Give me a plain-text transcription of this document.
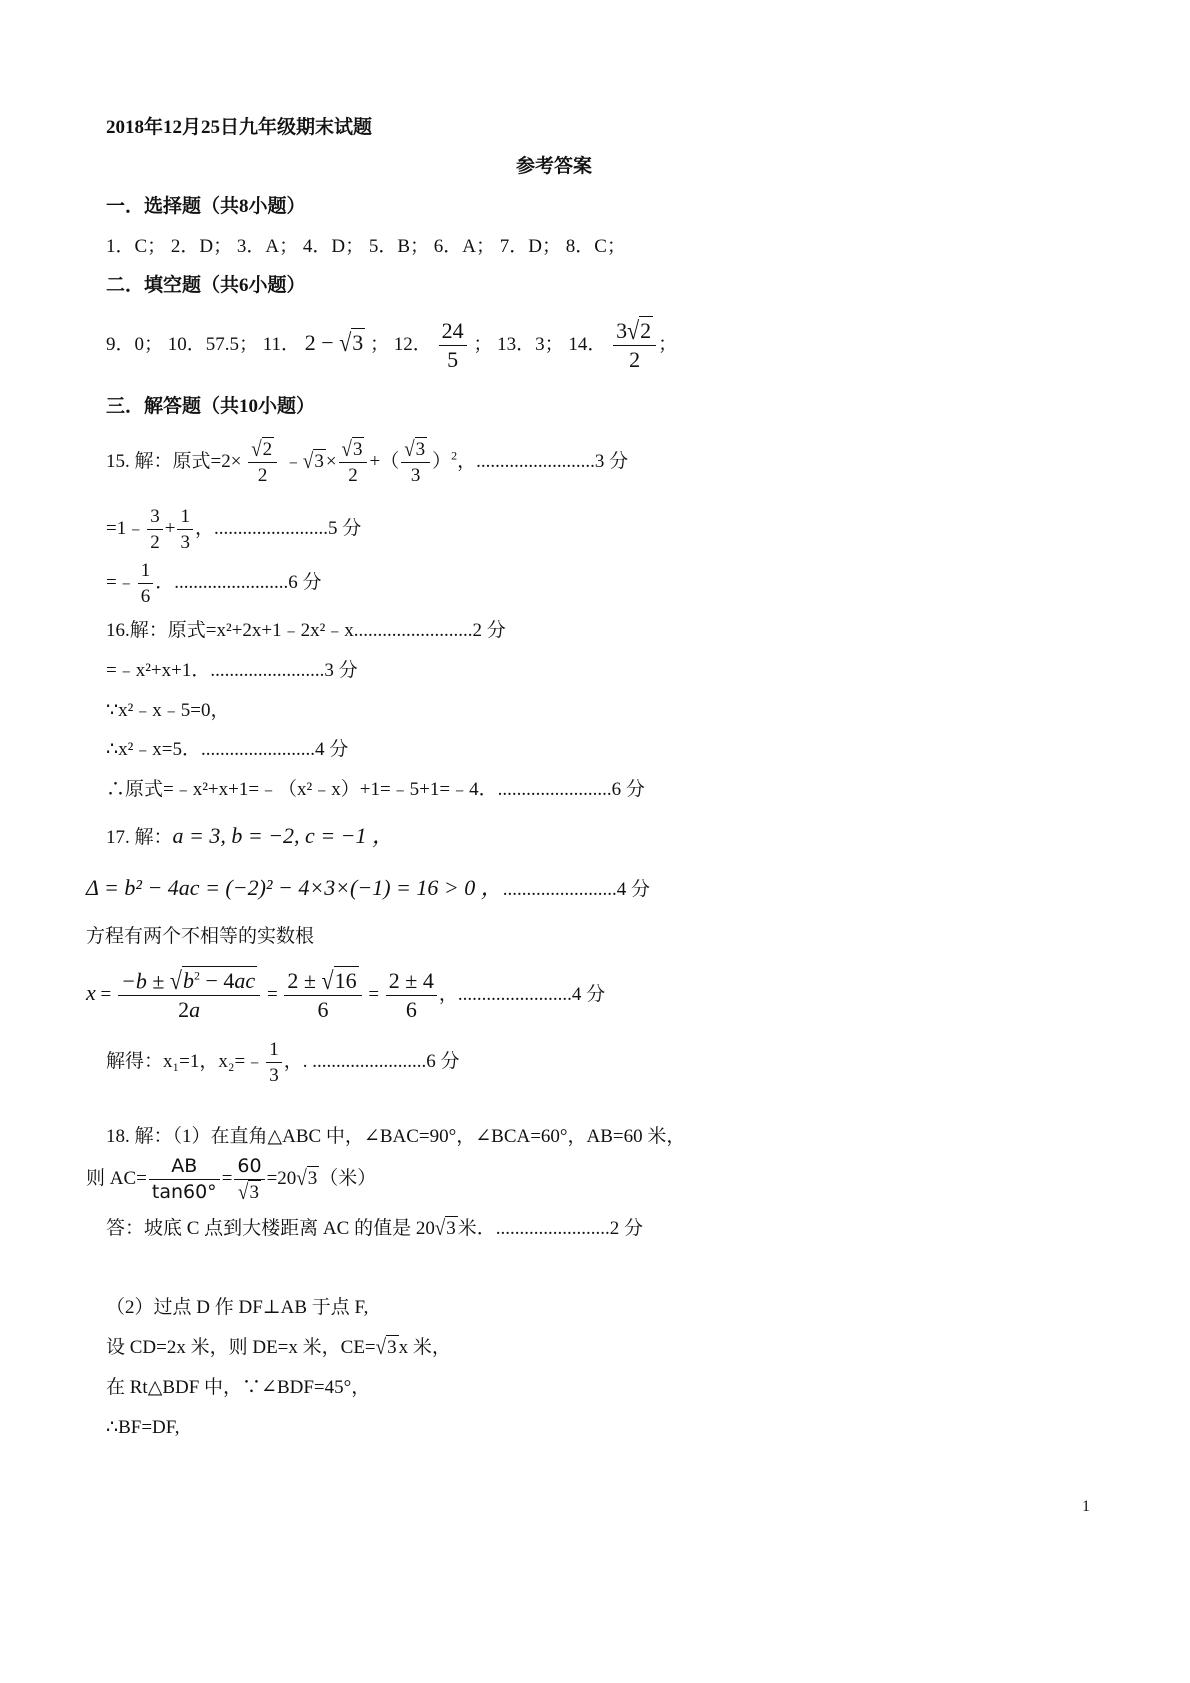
2018年12月25日九年级期末试题
参考答案
一．选择题（共8小题）
1．C； 2．D； 3．A； 4．D； 5．B； 6．A； 7．D； 8．C；
二．填空题（共6小题）
9．0； 10．57.5； 11． 2 − √3 ； 12． $\frac{24}{5}$ ； 13．3； 14． $\frac{3√2}{2}$ ；
三．解答题（共10小题）
15. 解：原式$=2\times \frac{√2}{2}$ ﹣√3 × $\frac{√3}{2}$ +（ $\frac{√3}{3} )^2$，.........................3 分
=1﹣ $\frac{3}{2} + \frac{1}{3}$ ，........................5 分
=﹣ $\frac{1}{6}$ ．........................6 分
16.解：原式=x²+2x+1﹣2x²﹣x.........................2 分
=﹣x²+x+1．........................3 分
∵x²﹣x﹣5=0，
∴x²﹣x=5．........................4 分
∴原式=﹣x²+x+1=﹣（x²﹣x）+1=﹣5+1=﹣4．........................6 分
17. 解：a = 3, b = −2, c = −1 ，
Δ = b² − 4ac = (−2)² − 4×3×(−1) = 16 > 0 ，........................4 分
方程有两个不相等的实数根
$x = \frac{-b \pm √b^2 - 4ac}{2a} = \frac{2 \pm √16}{6} = \frac{2 \pm 4}{6}$ ，........................4 分
解得：x₁=1，x₂=﹣ $\frac{1}{3}$ ，. ........................6 分
18. 解：（1）在直角△ABC 中，∠BAC=90°，∠BCA=60°，AB=60 米，
则 $AC= \frac{AB}{\tan 60^\circ} = \frac{60}{√3} =20√3$ （米）
答：坡底 C 点到大楼距离 AC 的值是 20√3 米．........................2 分
（2）过点 D 作 DF⊥AB 于点 F,
设 CD=2x 米，则 DE=x 米，CE=√3 x 米，
在 Rt△BDF 中，∵∠BDF=45°，
∴BF=DF,
1
